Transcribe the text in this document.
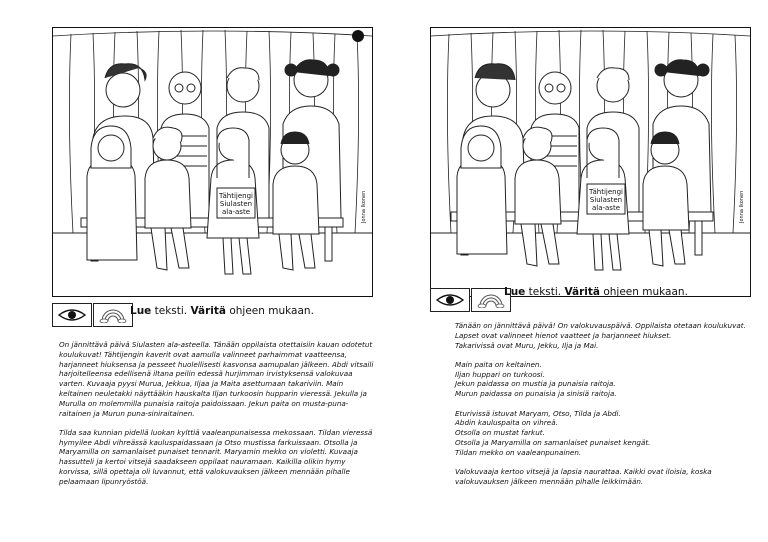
Tähtijengi
Siulasten
ala-aste	Jonna Ikonen
Lue teksti. Väritä ohjeen mukaan.

On jännittävä päivä Siulasten ala-asteella. Tänään oppilaista otettaisiin kauan odotetut
koulukuvat! Tähtijengin kaverit ovat aamulla valinneet parhaimmat vaatteensa,
harjanneet hiuksensa ja pesseet huolellisesti kasvonsa aamupalan jälkeen. Abdi vitsaili
harjoitelleensa edellisenä iltana peilin edessä hurjimman irvistyksensä valokuvaa
varten. Kuvaaja pyysi Murua, Jekkua, Iljaa ja Maita asettumaan takariviin. Main
keltainen neuletakki näyttääkin hauskalta Iljan turkoosin hupparin vieressä. Jekulla ja
Murulla on molemmilla punaisia raitoja paidoissaan. Jekun paita on musta-puna-
raitainen ja Murun puna-siniraitainen.

Tilda saa kunnian pidellä luokan kylttiä vaaleanpunaisessa mekossaan. Tildan vieressä
hymyilee Abdi vihreässä kauluspaidassaan ja Otso mustissa farkuissaan. Otsolla ja
Maryamilla on samanlaiset punaiset tennarit. Maryamin mekko on violetti. Kuvaaja
hassutteli ja kertoi vitsejä saadakseen oppilaat nauramaan. Kaikilla olikin hymy
korvissa, sillä opettaja oli luvannut, että valokuvauksen jälkeen mennään pihalle
pelaamaan lipunryöstöä.

Tähtijengi
Siulasten
ala-aste	Jonna Ikonen
Lue teksti. Väritä ohjeen mukaan.

Tänään on jännittävä päivä! On valokuvauspäivä. Oppilaista otetaan koulukuvat.
Lapset ovat valinneet hienot vaatteet ja harjanneet hiukset.
Takarivissä ovat Muru, Jekku, Ilja ja Mai.

Main paita on keltainen.
Iljan huppari on turkoosi.
Jekun paidassa on mustia ja punaisia raitoja.
Murun paidassa on punaisia ja sinisiä raitoja.

Eturivissä istuvat Maryam, Otso, Tilda ja Abdi.
Abdin kauluspaita on vihreä.
Otsolla on mustat farkut.
Otsolla ja Maryamilla on samanlaiset punaiset kengät.
Tildan mekko on vaaleanpunainen.

Valokuvaaja kertoo vitsejä ja lapsia naurattaa. Kaikki ovat iloisia, koska
valokuvauksen jälkeen mennään pihalle leikkimään.
